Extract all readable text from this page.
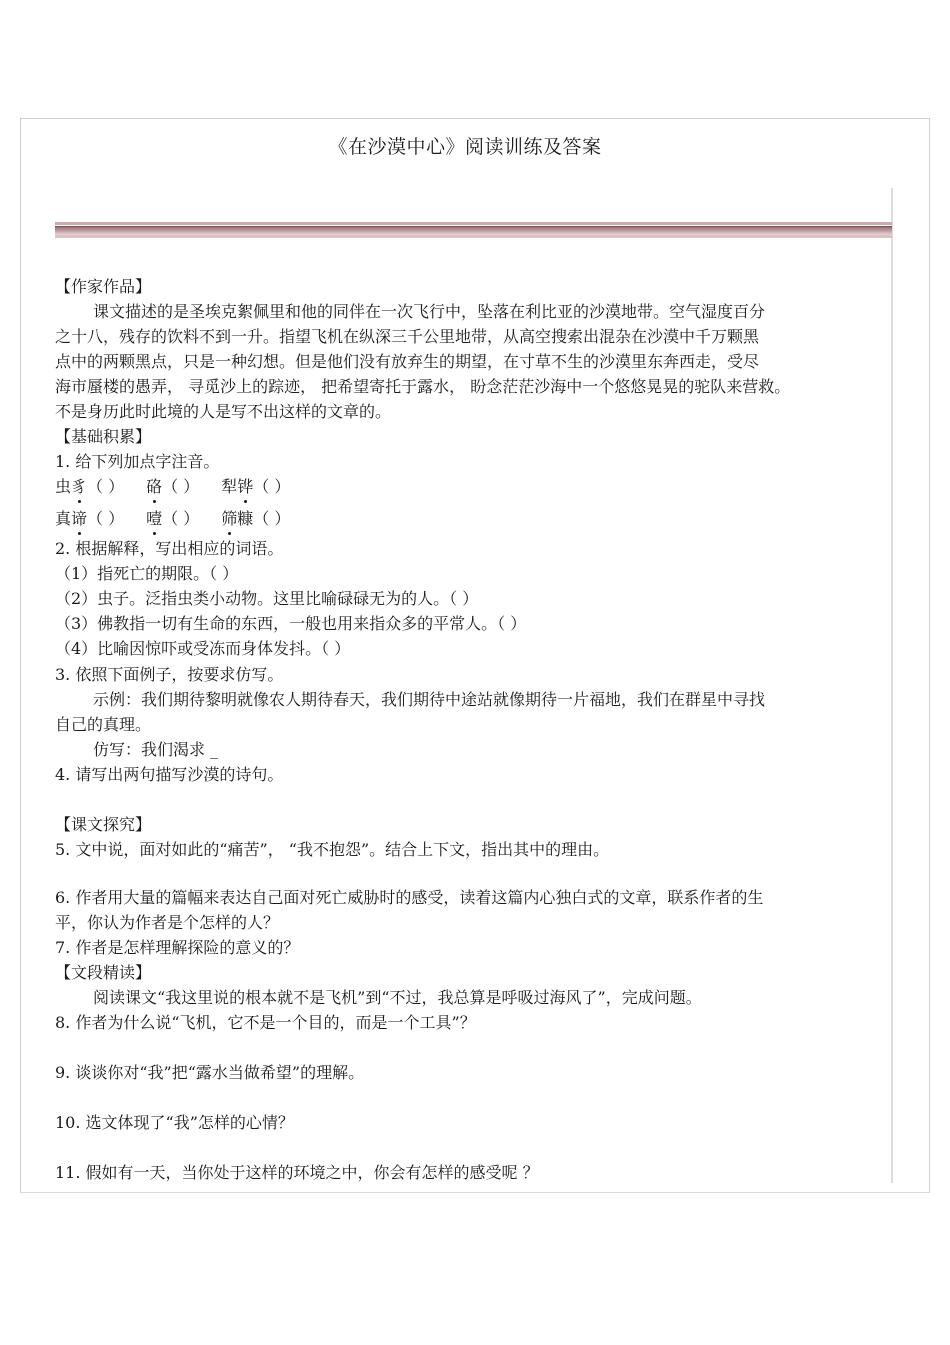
《在沙漠中心》阅读训练及答案
【作家作品】
课文描述的是圣埃克絮佩里和他的同伴在一次飞行中，坠落在利比亚的沙漠地带。空气湿度百分
之十八，残存的饮料不到一升。指望飞机在纵深三千公里地带，从高空搜索出混杂在沙漠中千万颗黑
点中的两颗黑点，只是一种幻想。但是他们没有放弃生的期望，在寸草不生的沙漠里东奔西走，受尽
海市蜃楼的愚弄， 寻觅沙上的踪迹， 把希望寄托于露水， 盼念茫茫沙海中一个悠悠晃晃的驼队来营救。
不是身历此时此境的人是写不出这样的文章的。
【基础积累】
1. 给下列加点字注音。
虫豸（ ） 硌（ ） 犁铧（ ）
真谛（ ） 噎（ ） 筛糠（ ）
2. 根据解释，写出相应的词语。
（1）指死亡的期限。（ ）
（2）虫子。泛指虫类小动物。这里比喻碌碌无为的人。（ ）
（3）佛教指一切有生命的东西，一般也用来指众多的平常人。（ ）
（4）比喻因惊吓或受冻而身体发抖。（ ）
3. 依照下面例子，按要求仿写。
示例：我们期待黎明就像农人期待春天，我们期待中途站就像期待一片福地，我们在群星中寻找
自己的真理。
仿写：我们渴求 _
4. 请写出两句描写沙漠的诗句。
【课文探究】
5. 文中说，面对如此的“痛苦”， “我不抱怨”。结合上下文，指出其中的理由。
6. 作者用大量的篇幅来表达自己面对死亡威胁时的感受，读着这篇内心独白式的文章，联系作者的生
平，你认为作者是个怎样的人？
7. 作者是怎样理解探险的意义的？
【文段精读】
阅读课文“我这里说的根本就不是飞机”到“不过，我总算是呼吸过海风了”，完成问题。
8. 作者为什么说“飞机，它不是一个目的，而是一个工具”？
9. 谈谈你对“我”把“露水当做希望”的理解。
10. 选文体现了“我”怎样的心情？
11. 假如有一天，当你处于这样的环境之中，你会有怎样的感受呢 ？
